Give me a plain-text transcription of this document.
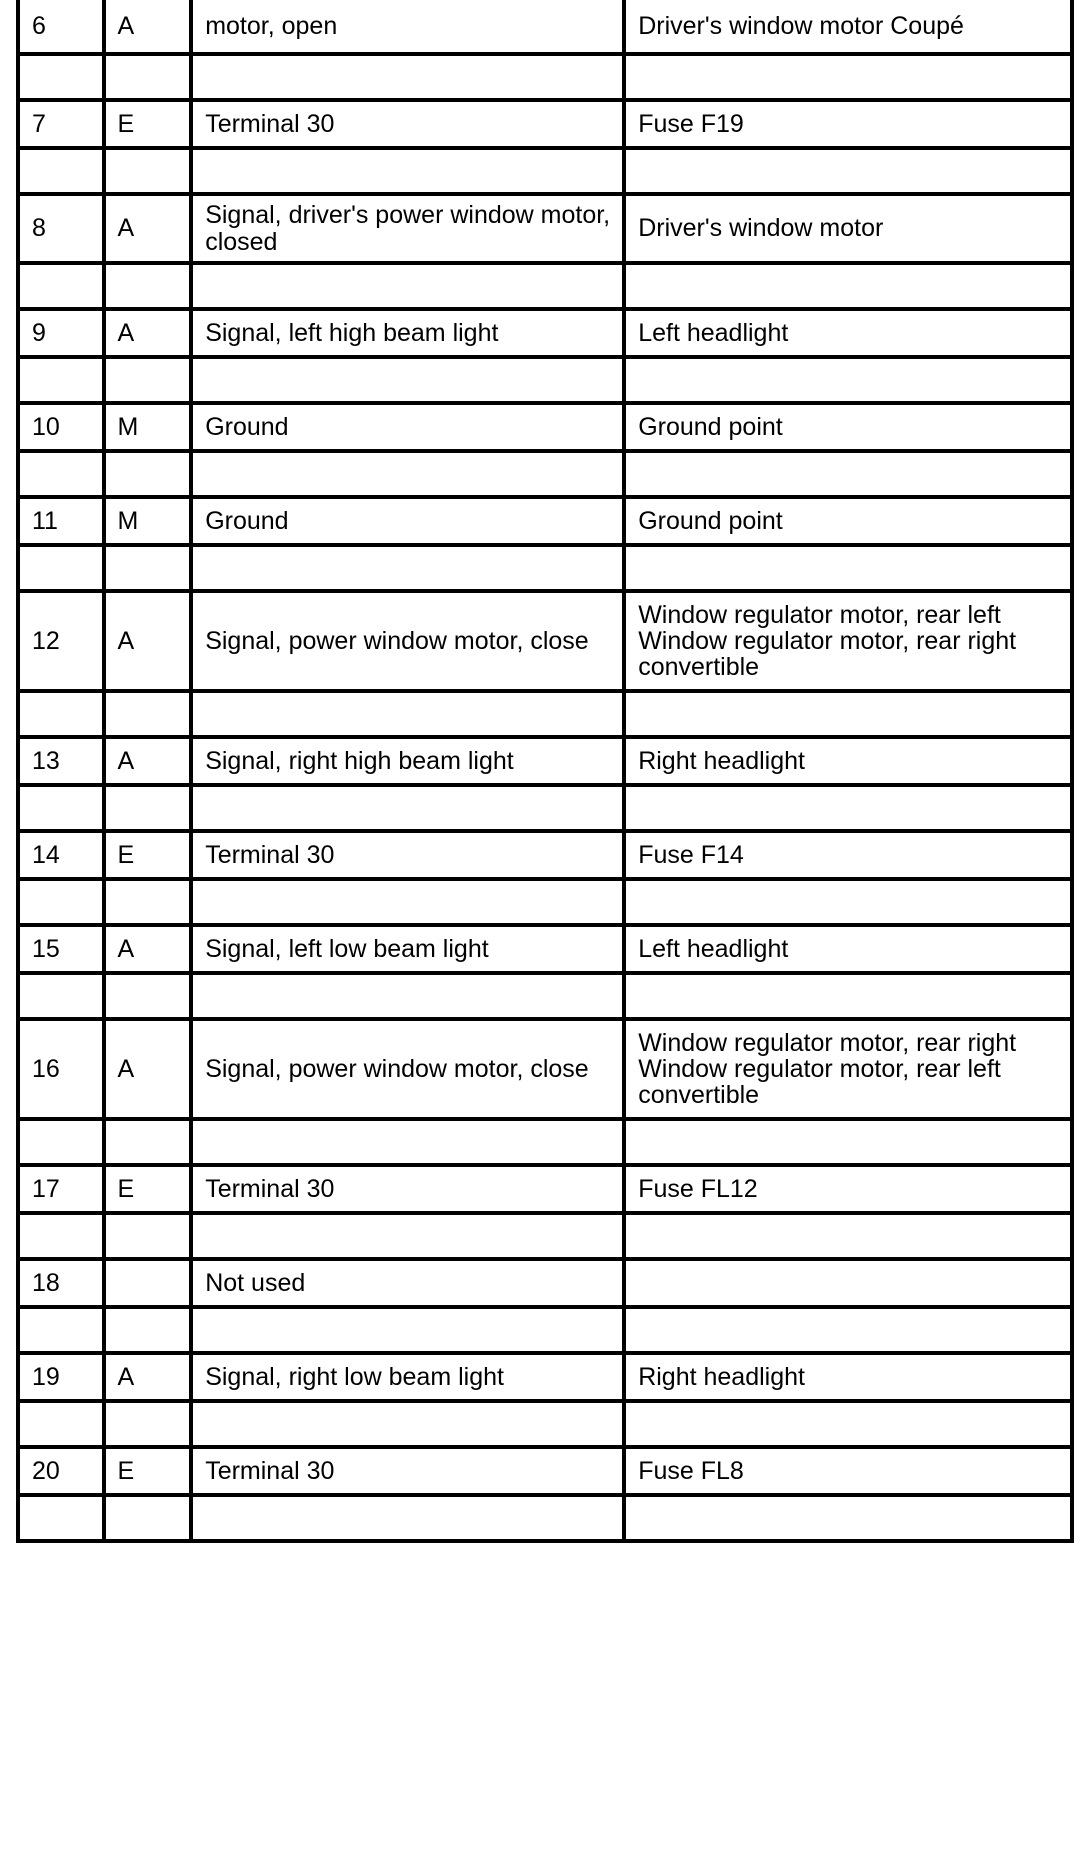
6	A	motor, open	Driver's window motor Coupé

7	E	Terminal 30	Fuse F19

8	A	Signal, driver's power window motor, closed	Driver's window motor

9	A	Signal, left high beam light	Left headlight

10	M	Ground	Ground point

11	M	Ground	Ground point

12	A	Signal, power window motor, close	Window regulator motor, rear left Window regulator motor, rear right convertible

13	A	Signal, right high beam light	Right headlight

14	E	Terminal 30	Fuse F14

15	A	Signal, left low beam light	Left headlight

16	A	Signal, power window motor, close	Window regulator motor, rear right Window regulator motor, rear left convertible

17	E	Terminal 30	Fuse FL12

18		Not used	

19	A	Signal, right low beam light	Right headlight

20	E	Terminal 30	Fuse FL8
